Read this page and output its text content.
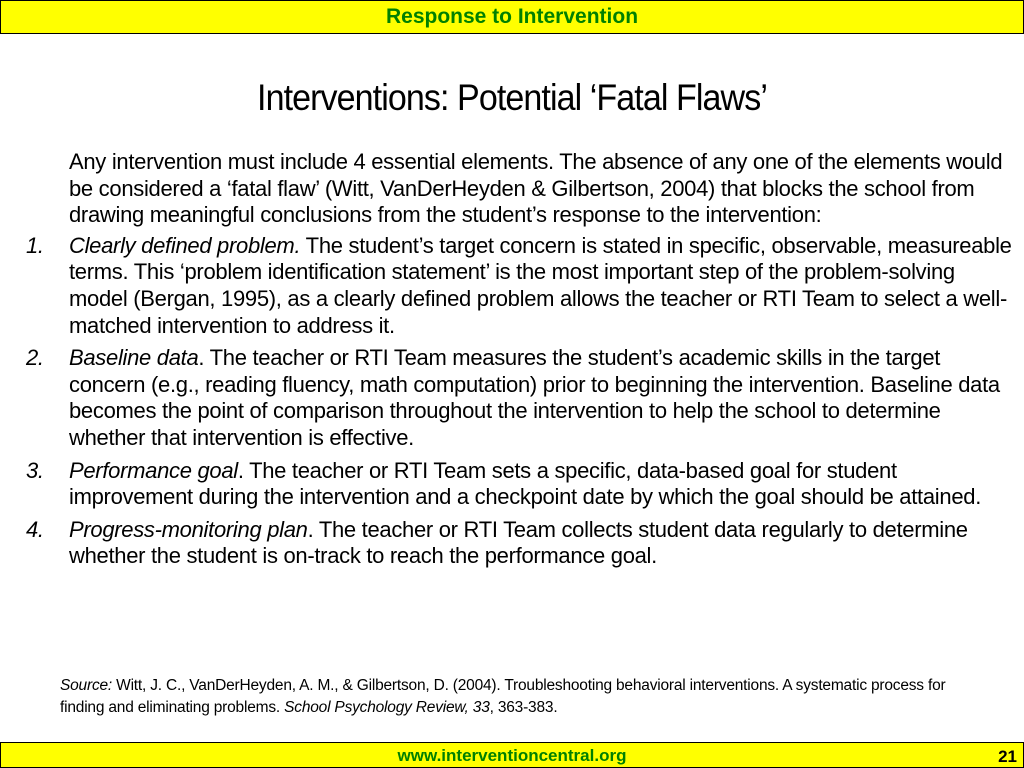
Response to Intervention
Interventions: Potential ‘Fatal Flaws’
Any intervention must include 4 essential elements. The absence of any one of the elements would be considered a ‘fatal flaw’ (Witt, VanDerHeyden & Gilbertson, 2004) that blocks the school from drawing meaningful conclusions from the student’s response to the intervention:
1. Clearly defined problem. The student’s target concern is stated in specific, observable, measureable terms. This ‘problem identification statement’ is the most important step of the problem-solving model (Bergan, 1995), as a clearly defined problem allows the teacher or RTI Team to select a well-matched intervention to address it.
2. Baseline data. The teacher or RTI Team measures the student’s academic skills in the target concern (e.g., reading fluency, math computation) prior to beginning the intervention. Baseline data becomes the point of comparison throughout the intervention to help the school to determine whether that intervention is effective.
3. Performance goal. The teacher or RTI Team sets a specific, data-based goal for student improvement during the intervention and a checkpoint date by which the goal should be attained.
4. Progress-monitoring plan. The teacher or RTI Team collects student data regularly to determine whether the student is on-track to reach the performance goal.
Source: Witt, J. C., VanDerHeyden, A. M., & Gilbertson, D. (2004). Troubleshooting behavioral interventions. A systematic process for finding and eliminating problems. School Psychology Review, 33, 363-383.
www.interventioncentral.org	21
